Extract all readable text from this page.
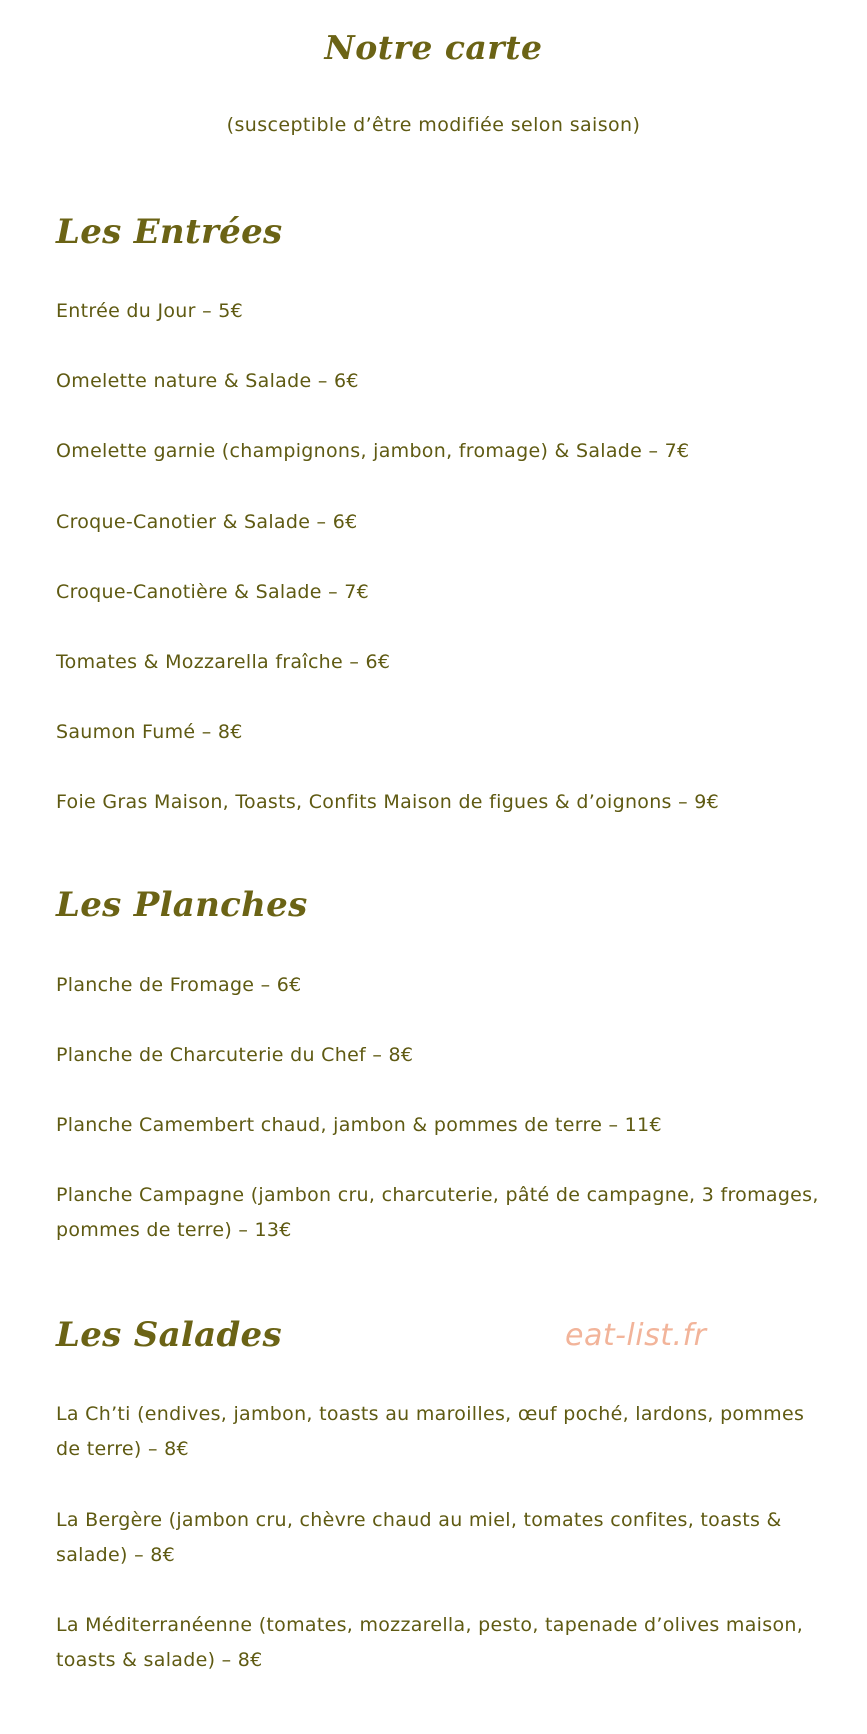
Notre carte
(susceptible d’être modifiée selon saison)
Les Entrées
Entrée du Jour – 5€
Omelette nature & Salade – 6€
Omelette garnie (champignons, jambon, fromage) & Salade – 7€
Croque-Canotier & Salade – 6€
Croque-Canotière & Salade – 7€
Tomates & Mozzarella fraîche – 6€
Saumon Fumé – 8€
Foie Gras Maison, Toasts, Confits Maison de figues & d’oignons – 9€
Les Planches
Planche de Fromage – 6€
Planche de Charcuterie du Chef – 8€
Planche Camembert chaud, jambon & pommes de terre – 11€
Planche Campagne (jambon cru, charcuterie, pâté de campagne, 3 fromages, pommes de terre) – 13€
Les Salades	eat-list.fr
La Ch’ti (endives, jambon, toasts au maroilles, œuf poché, lardons, pommes de terre) – 8€
La Bergère (jambon cru, chèvre chaud au miel, tomates confites, toasts & salade) – 8€
La Méditerranéenne (tomates, mozzarella, pesto, tapenade d’olives maison, toasts & salade) – 8€
